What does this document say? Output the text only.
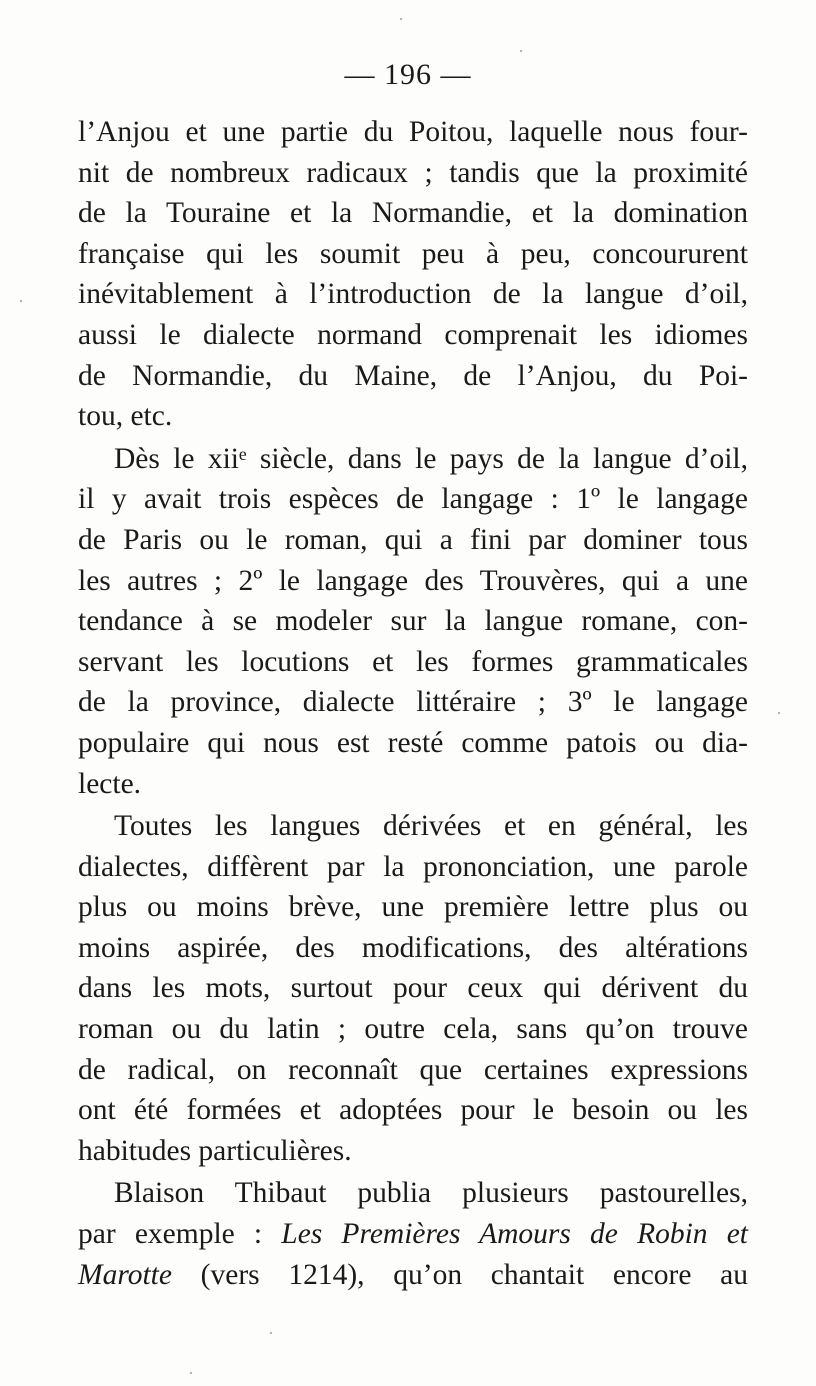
— 196 —
l’Anjou et une partie du Poitou, laquelle nous four-
nit de nombreux radicaux ; tandis que la proximité
de la Touraine et la Normandie, et la domination
française qui les soumit peu à peu, concoururent
inévitablement à l’introduction de la langue d’oil,
aussi le dialecte normand comprenait les idiomes
de Normandie, du Maine, de l’Anjou, du Poi-
tou, etc.
Dès le xiiᵉ siècle, dans le pays de la langue d’oil,
il y avait trois espèces de langage : 1º le langage
de Paris ou le roman, qui a fini par dominer tous
les autres ; 2º le langage des Trouvères, qui a une
tendance à se modeler sur la langue romane, con-
servant les locutions et les formes grammaticales
de la province, dialecte littéraire ; 3º le langage
populaire qui nous est resté comme patois ou dia-
lecte.
Toutes les langues dérivées et en général, les
dialectes, diffèrent par la prononciation, une parole
plus ou moins brève, une première lettre plus ou
moins aspirée, des modifications, des altérations
dans les mots, surtout pour ceux qui dérivent du
roman ou du latin ; outre cela, sans qu’on trouve
de radical, on reconnaît que certaines expressions
ont été formées et adoptées pour le besoin ou les
habitudes particulières.
Blaison Thibaut publia plusieurs pastourelles,
par exemple : Les Premières Amours de Robin et
Marotte (vers 1214), qu’on chantait encore au
